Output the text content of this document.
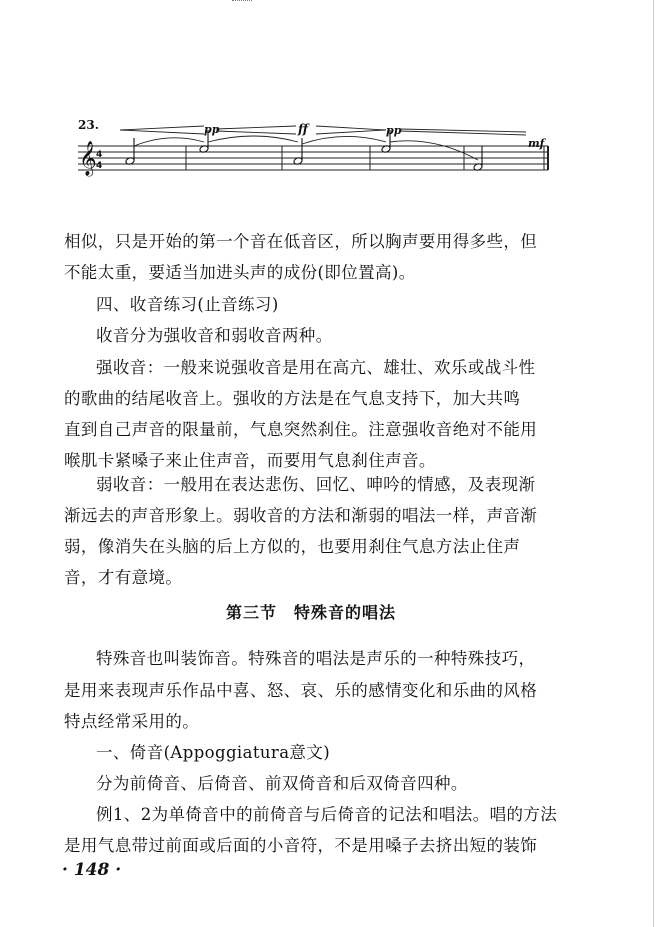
23.
𝄞 4
4
pp	ff	pp
mf
相似，只是开始的第一个音在低音区，所以胸声要用得多些，但
不能太重，要适当加进头声的成份(即位置高)。
四、收音练习(止音练习)
收音分为强收音和弱收音两种。
强收音：一般来说强收音是用在高亢、雄壮、欢乐或战斗性
的歌曲的结尾收音上。强收的方法是在气息支持下，加大共鸣
直到自己声音的限量前，气息突然刹住。注意强收音绝对不能用
喉肌卡紧嗓子来止住声音，而要用气息刹住声音。
弱收音：一般用在表达悲伤、回忆、呻吟的情感，及表现渐
渐远去的声音形象上。弱收音的方法和渐弱的唱法一样，声音渐
弱，像消失在头脑的后上方似的，也要用刹住气息方法止住声
音，才有意境。
第三节　特殊音的唱法
特殊音也叫装饰音。特殊音的唱法是声乐的一种特殊技巧，
是用来表现声乐作品中喜、怒、哀、乐的感情变化和乐曲的风格
特点经常采用的。
一、倚音(Appoggiatura意文)
分为前倚音、后倚音、前双倚音和后双倚音四种。
例1、2为单倚音中的前倚音与后倚音的记法和唱法。唱的方法
是用气息带过前面或后面的小音符，不是用嗓子去挤出短的装饰
· 148 ·
